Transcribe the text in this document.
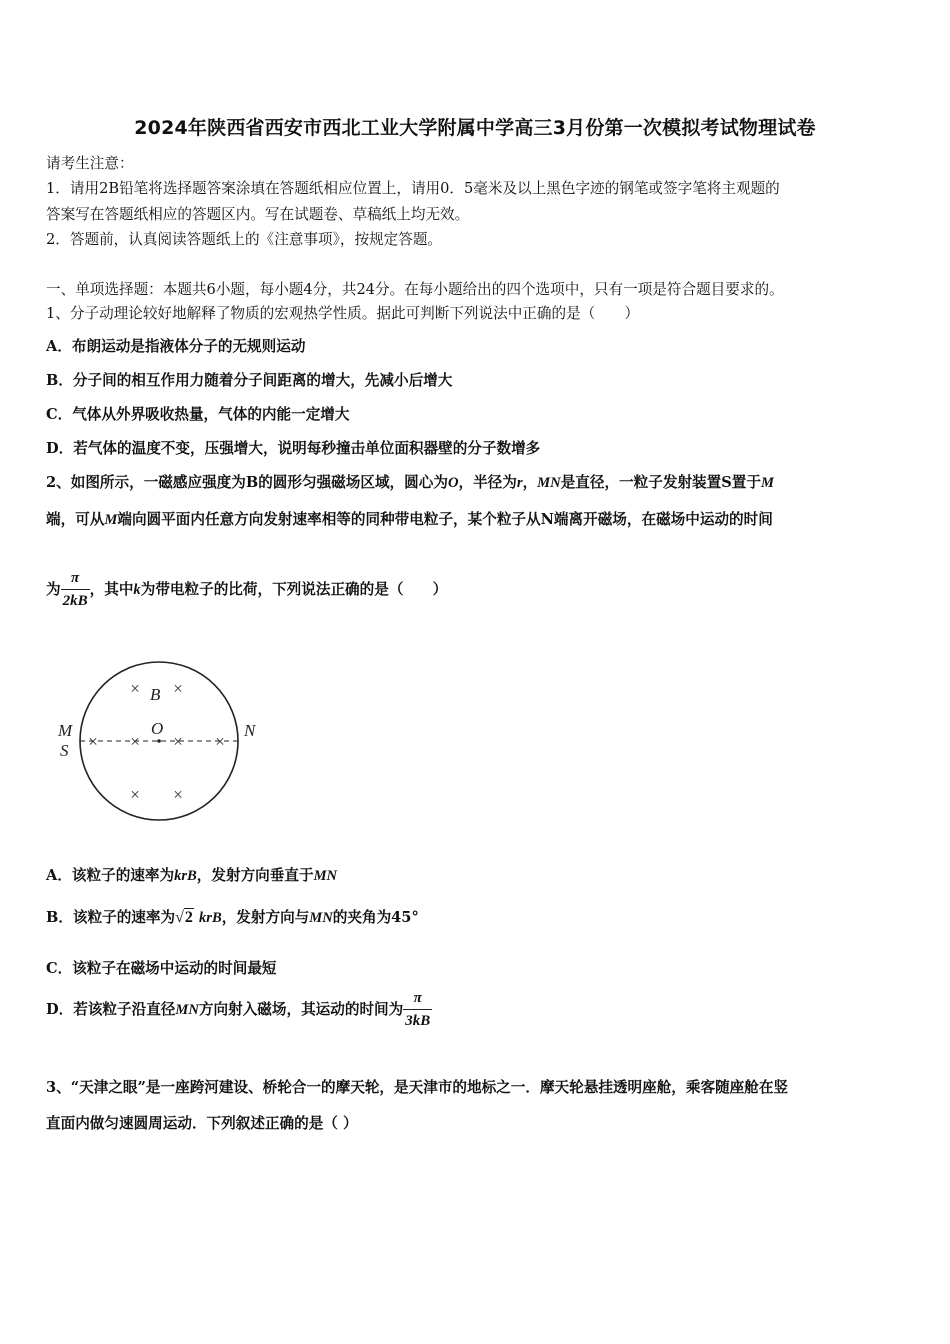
2024年陕西省西安市西北工业大学附属中学高三3月份第一次模拟考试物理试卷
请考生注意：
1．请用2B铅笔将选择题答案涂填在答题纸相应位置上，请用0．5毫米及以上黑色字迹的钢笔或签字笔将主观题的
答案写在答题纸相应的答题区内。写在试题卷、草稿纸上均无效。
2．答题前，认真阅读答题纸上的《注意事项》，按规定答题。
一、单项选择题：本题共6小题，每小题4分，共24分。在每小题给出的四个选项中，只有一项是符合题目要求的。
1、分子动理论较好地解释了物质的宏观热学性质。据此可判断下列说法中正确的是（　　）
A．布朗运动是指液体分子的无规则运动
B．分子间的相互作用力随着分子间距离的增大，先减小后增大
C．气体从外界吸收热量，气体的内能一定增大
D．若气体的温度不变，压强增大，说明每秒撞击单位面积器壁的分子数增多
2、如图所示，一磁感应强度为B的圆形匀强磁场区域，圆心为O，半径为r，MN是直径，一粒子发射装置S置于M
端，可从M端向圆平面内任意方向发射速率相等的同种带电粒子，某个粒子从N端离开磁场，在磁场中运动的时间
为 $\frac{\pi}{2kB}$ ，其中k为带电粒子的比荷，下列说法正确的是（　　）
× ×
× × × ×
× ×
B
O
M
S
N
A．该粒子的速率为krB，发射方向垂直于MN
B．该粒子的速率为√2 krB，发射方向与MN的夹角为45°
C．该粒子在磁场中运动的时间最短
D．若该粒子沿直径MN方向射入磁场，其运动的时间为 $\frac{\pi}{3kB}$
3、“天津之眼”是一座跨河建设、桥轮合一的摩天轮，是天津市的地标之一．摩天轮悬挂透明座舱，乘客随座舱在竖
直面内做匀速圆周运动．下列叙述正确的是（ ）
